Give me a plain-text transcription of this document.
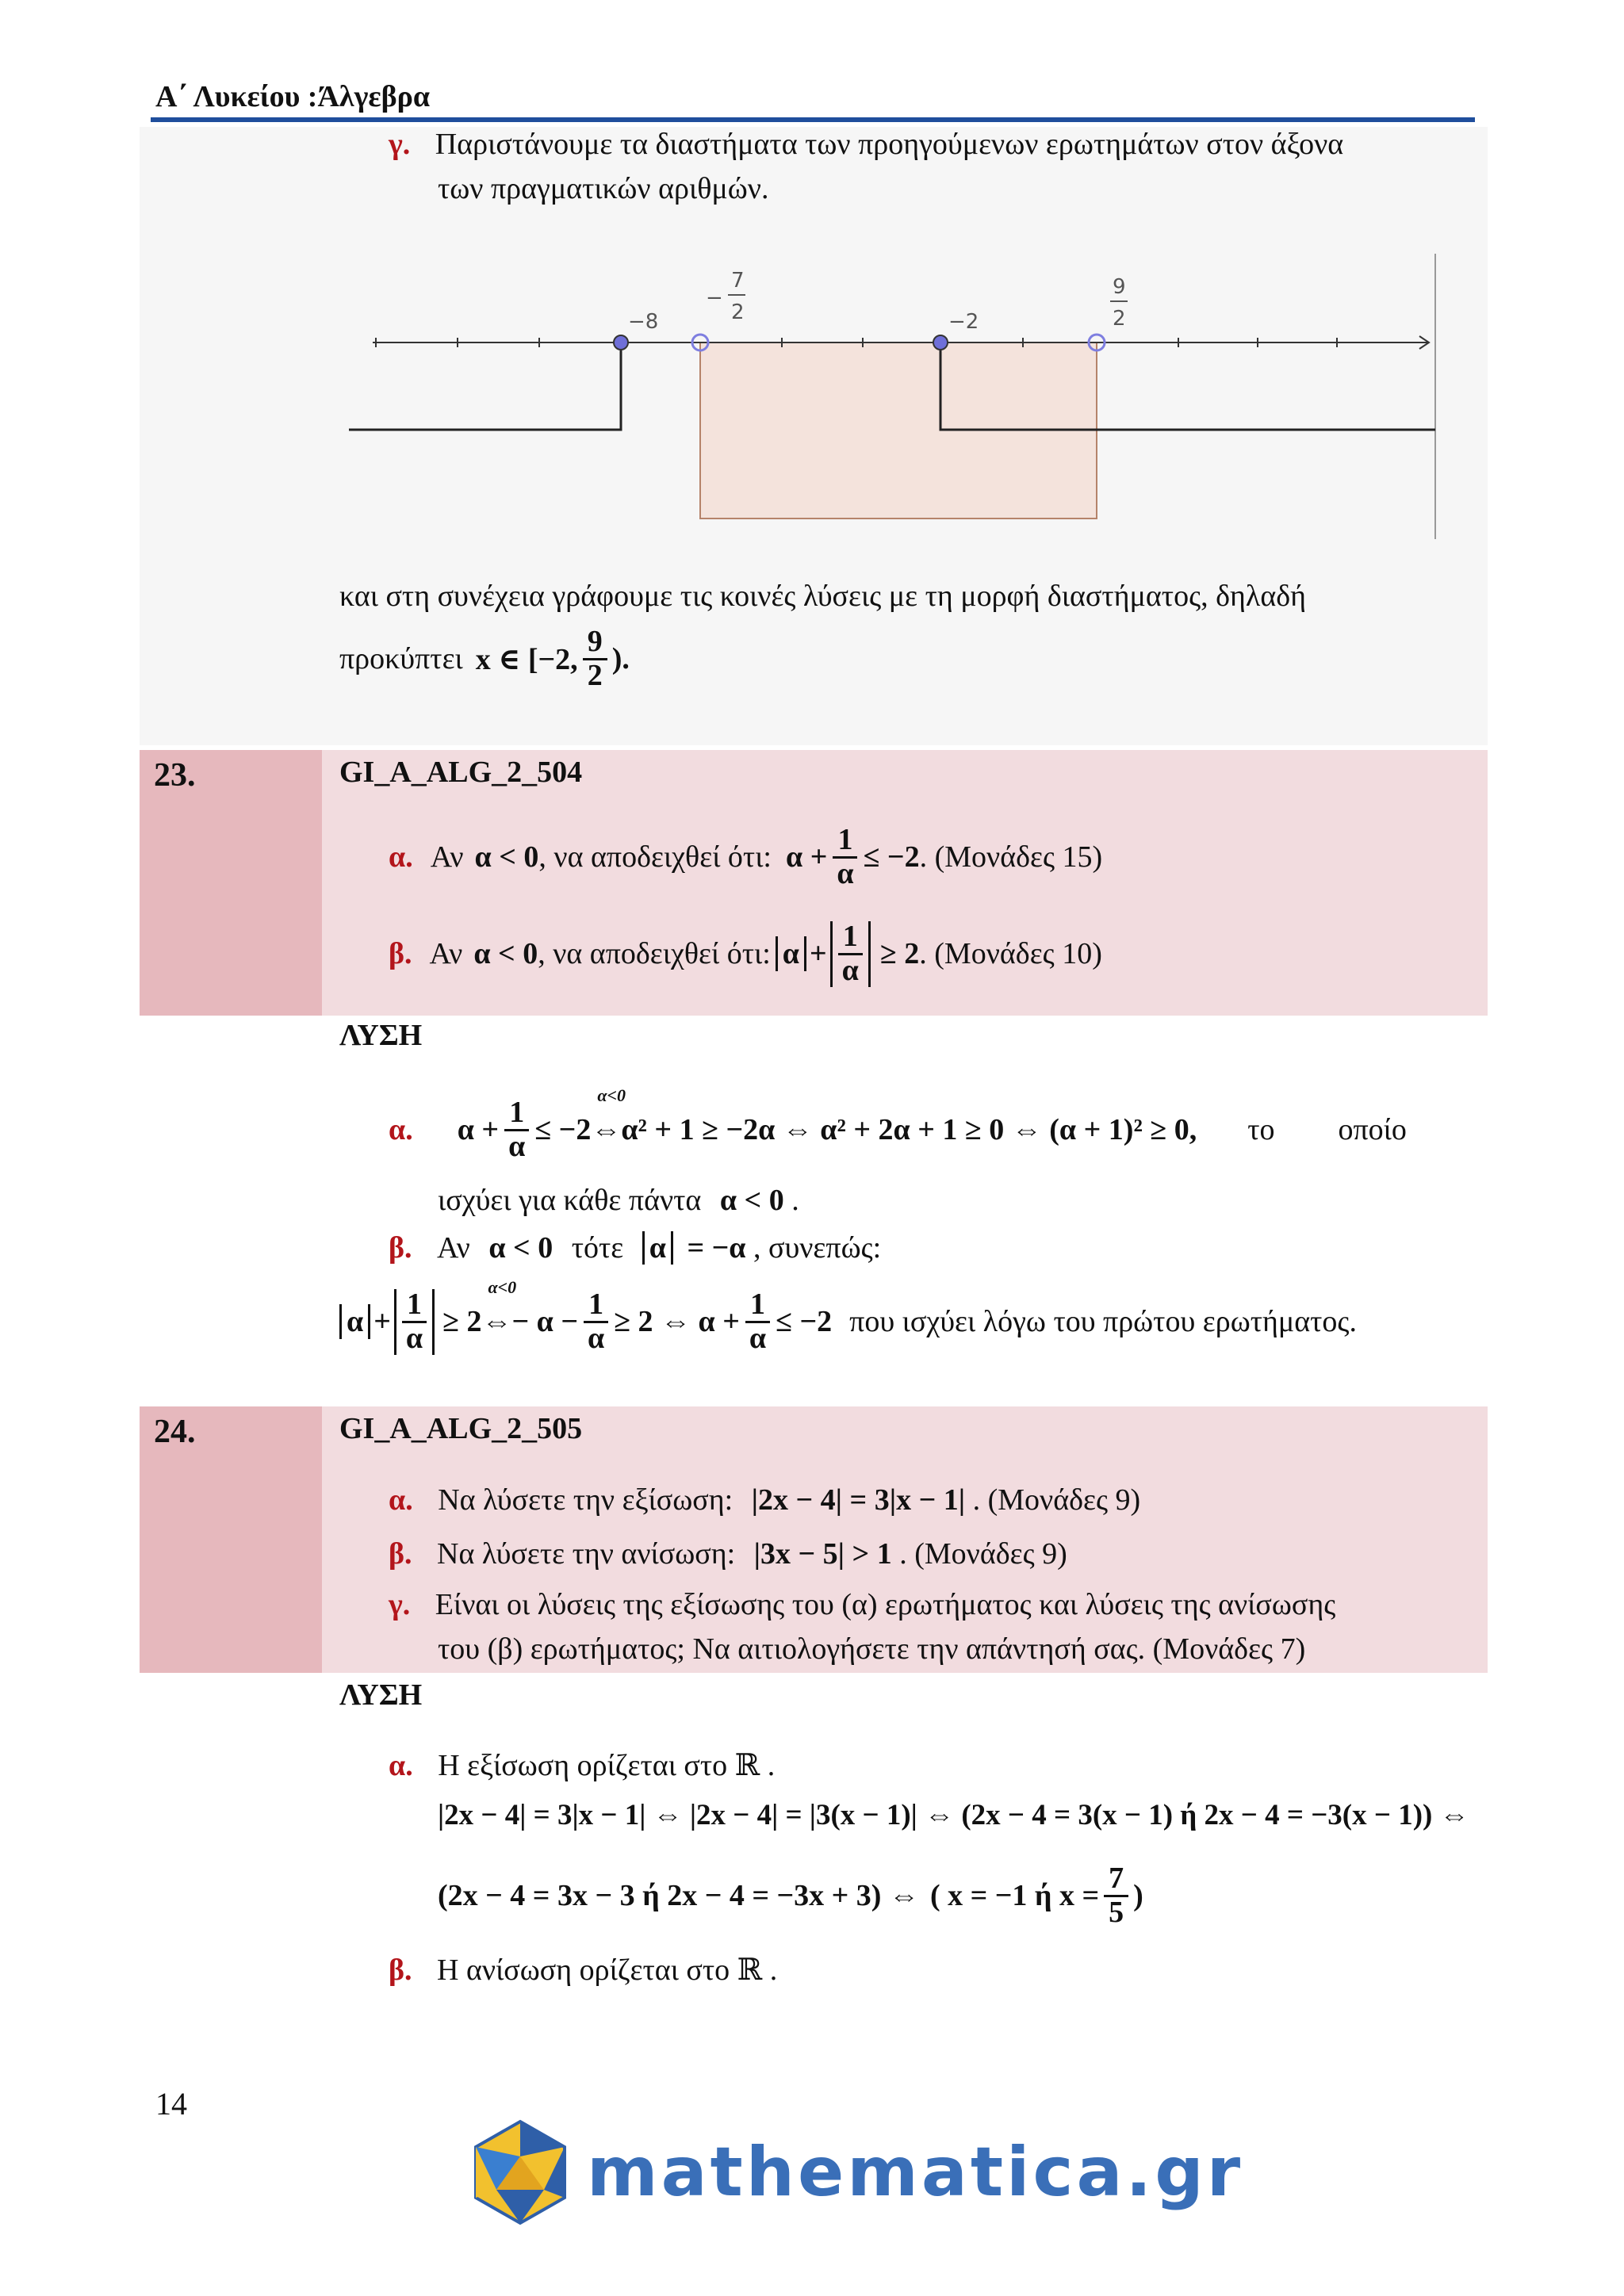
Α΄ Λυκείου :Άλγεβρα
γ. Παριστάνουμε τα διαστήματα των προηγούμενων ερωτημάτων στον άξονα
των πραγματικών αριθμών.
−8
−
7
2	−2
9
2
και στη συνέχεια γράφουμε τις κοινές λύσεις με τη μορφή διαστήματος, δηλαδή
προκύπτει x ∈ [−2, $\frac{9}{2}$ ).
23.	GI_A_ALG_2_504
α. Αν α < 0 , να αποδειχθεί ότι: $\alpha + \frac{1}{\alpha} \le -2$ . (Μονάδες 15)
β. Αν α < 0 , να αποδειχθεί ότι: $\alpha + \frac{1}{\alpha} \ge 2$ . (Μονάδες 10)
ΛΥΣΗ
α. $\alpha + \frac{1}{\alpha} \le -2$
α<0
⇔α² + 1 ≥ −2α ⇔ α² + 2α + 1 ≥ 0 ⇔ (α + 1)² ≥ 0, το οποίο
ισχύει για κάθε πάντα α < 0 .
β. Αν α < 0 τότε α = −α , συνεπώς:
$\alpha + \frac{1}{\alpha} \ge 2$
α<0
⇔− $\alpha - \frac{1}{\alpha} \ge 2$ ⇔ $\alpha + \frac{1}{\alpha} \le -2$ που ισχύει λόγω του πρώτου ερωτήματος.
24.	GI_A_ALG_2_505
α. Να λύσετε την εξίσωση: |2x − 4| = 3|x − 1| . (Μονάδες 9)
β. Να λύσετε την ανίσωση: |3x − 5| > 1 . (Μονάδες 9)
γ. Είναι οι λύσεις της εξίσωσης του (α) ερωτήματος και λύσεις της ανίσωσης
του (β) ερωτήματος; Να αιτιολογήσετε την απάντησή σας. (Μονάδες 7)
ΛΥΣΗ
α. Η εξίσωση ορίζεται στο ℝ .
|2x − 4| = 3|x − 1| ⇔ |2x − 4| = |3(x − 1)| ⇔ (2x − 4 = 3(x − 1) ή 2x − 4 = −3(x − 1)) ⇔
(2x − 4 = 3x − 3 ή 2x − 4 = −3x + 3) ⇔ ( x = −1 ή $x = \frac{7}{5}$ )
β. Η ανίσωση ορίζεται στο ℝ .
14
mathematica.gr
